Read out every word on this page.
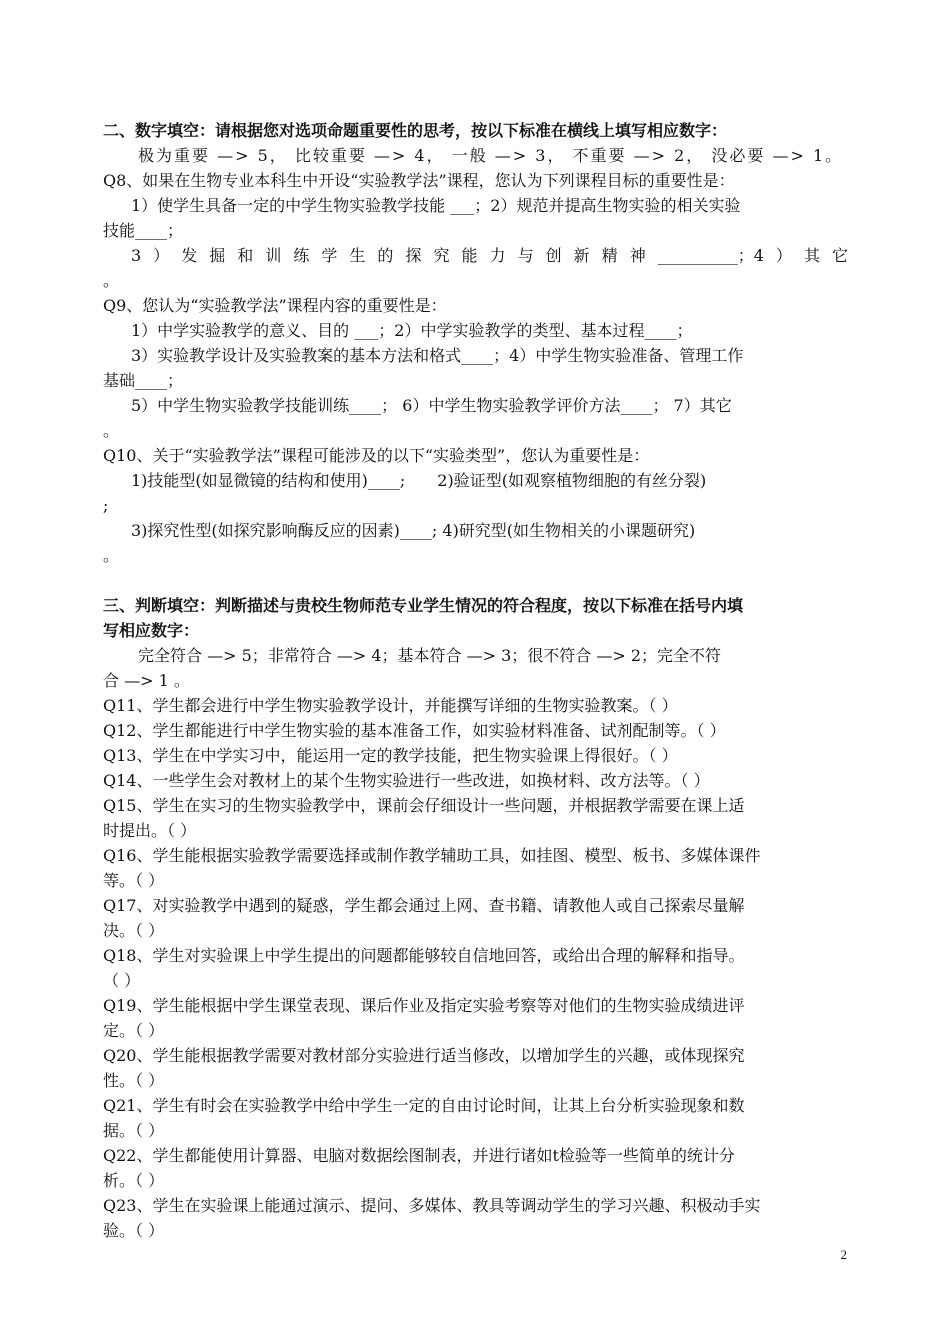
二、数字填空：请根据您对选项命题重要性的思考，按以下标准在横线上填写相应数字：
极为重要 —> 5， 比较重要 —> 4， 一般 —> 3， 不重要 —> 2， 没必要 —> 1。
Q8、如果在生物专业本科生中开设“实验教学法”课程，您认为下列课程目标的重要性是：
1）使学生具备一定的中学生物实验教学技能 ___；2）规范并提高生物实验的相关实验
技能____；
3）发掘和训练学生的探究能力与创新精神__________；4）其它
。
Q9、您认为“实验教学法”课程内容的重要性是：
1）中学实验教学的意义、目的 ___；2）中学实验教学的类型、基本过程____；
3）实验教学设计及实验教案的基本方法和格式____；4）中学生物实验准备、管理工作
基础____；
5）中学生物实验教学技能训练____； 6）中学生物实验教学评价方法____； 7）其它
。
Q10、关于“实验教学法”课程可能涉及的以下“实验类型”，您认为重要性是：
1)技能型(如显微镜的结构和使用)____;　　2)验证型(如观察植物细胞的有丝分裂)
;
3)探究性型(如探究影响酶反应的因素)____; 4)研究型(如生物相关的小课题研究)
。
三、判断填空：判断描述与贵校生物师范专业学生情况的符合程度，按以下标准在括号内填
写相应数字：
完全符合 —> 5；非常符合 —> 4；基本符合 —> 3；很不符合 —> 2；完全不符
合 —> 1 。
Q11、学生都会进行中学生物实验教学设计，并能撰写详细的生物实验教案。（ ）
Q12、学生都能进行中学生物实验的基本准备工作，如实验材料准备、试剂配制等。（ ）
Q13、学生在中学实习中，能运用一定的教学技能，把生物实验课上得很好。（ ）
Q14、一些学生会对教材上的某个生物实验进行一些改进，如换材料、改方法等。（ ）
Q15、学生在实习的生物实验教学中，课前会仔细设计一些问题，并根据教学需要在课上适
时提出。（ ）
Q16、学生能根据实验教学需要选择或制作教学辅助工具，如挂图、模型、板书、多媒体课件
等。（ ）
Q17、对实验教学中遇到的疑惑，学生都会通过上网、查书籍、请教他人或自己探索尽量解
决。（ ）
Q18、学生对实验课上中学生提出的问题都能够较自信地回答，或给出合理的解释和指导。
（ ）
Q19、学生能根据中学生课堂表现、课后作业及指定实验考察等对他们的生物实验成绩进评
定。（ ）
Q20、学生能根据教学需要对教材部分实验进行适当修改，以增加学生的兴趣，或体现探究
性。（ ）
Q21、学生有时会在实验教学中给中学生一定的自由讨论时间，让其上台分析实验现象和数
据。（ ）
Q22、学生都能使用计算器、电脑对数据绘图制表，并进行诸如t检验等一些简单的统计分
析。（ ）
Q23、学生在实验课上能通过演示、提问、多媒体、教具等调动学生的学习兴趣、积极动手实
验。（ ）
2
